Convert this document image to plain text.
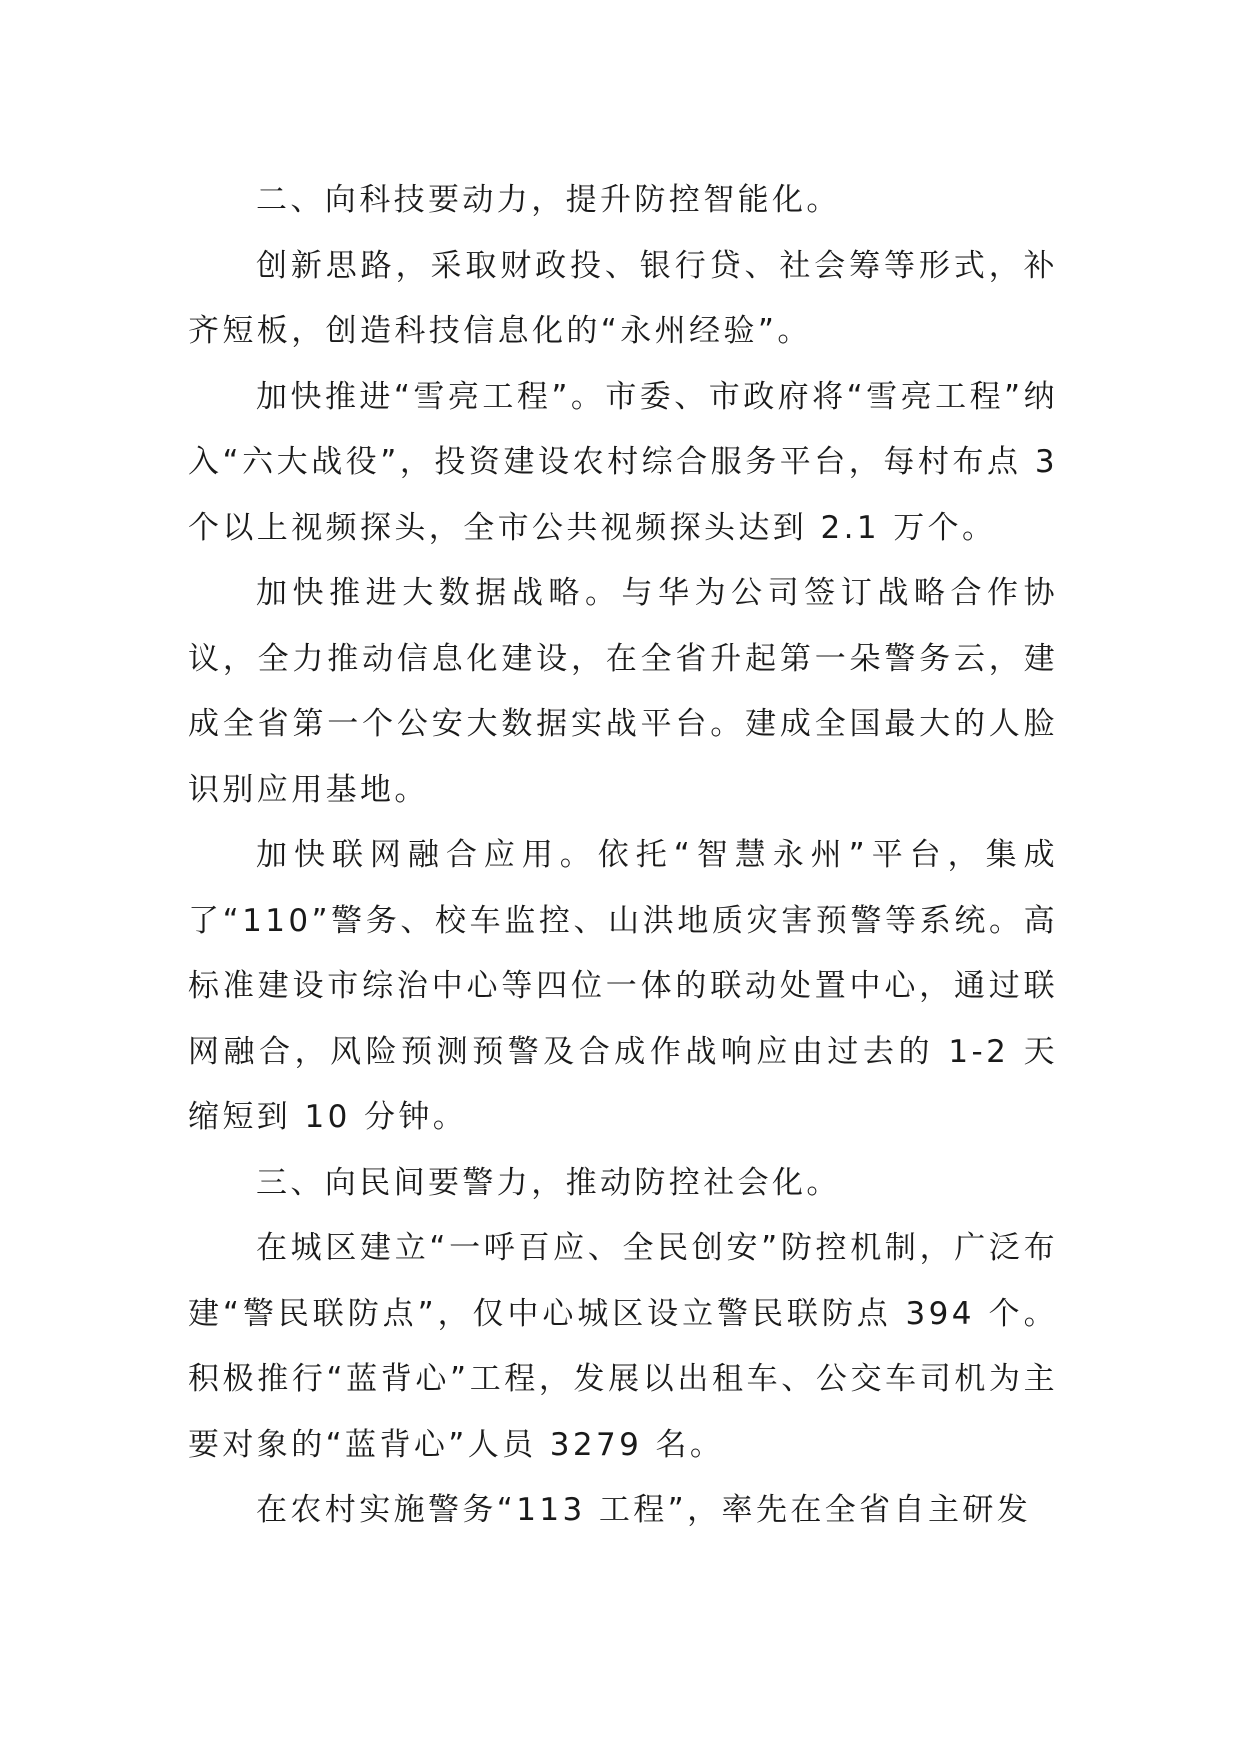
二、向科技要动力，提升防控智能化。

创新思路，采取财政投、银行贷、社会筹等形式，补齐短板，创造科技信息化的“永州经验”。

加快推进“雪亮工程”。市委、市政府将“雪亮工程”纳入“六大战役”，投资建设农村综合服务平台，每村布点 3 个以上视频探头，全市公共视频探头达到 2.1 万个。

加快推进大数据战略。与华为公司签订战略合作协议，全力推动信息化建设，在全省升起第一朵警务云，建成全省第一个公安大数据实战平台。建成全国最大的人脸识别应用基地。

加快联网融合应用。依托“智慧永州”平台，集成了“110”警务、校车监控、山洪地质灾害预警等系统。高标准建设市综治中心等四位一体的联动处置中心，通过联网融合，风险预测预警及合成作战响应由过去的 1-2 天缩短到 10 分钟。

三、向民间要警力，推动防控社会化。

在城区建立“一呼百应、全民创安”防控机制，广泛布建“警民联防点”，仅中心城区设立警民联防点 394 个。积极推行“蓝背心”工程，发展以出租车、公交车司机为主要对象的“蓝背心”人员 3279 名。

在农村实施警务“113 工程”，率先在全省自主研发
